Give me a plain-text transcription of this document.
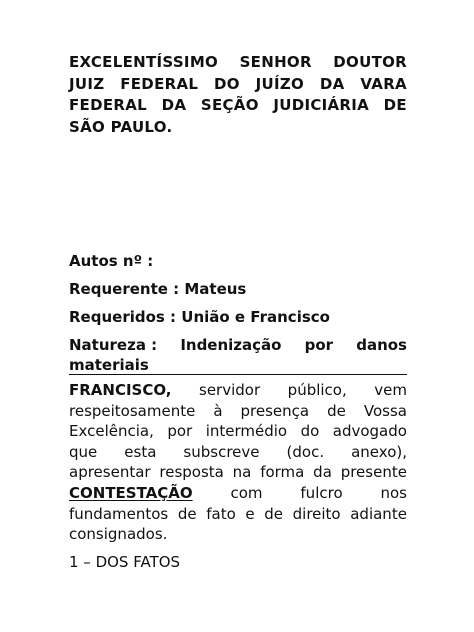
EXCELENTÍSSIMO SENHOR DOUTOR
JUIZ FEDERAL DO JUÍZO DA VARA
FEDERAL DA SEÇÃO JUDICIÁRIA DE
SÃO PAULO.
Autos nº :
Requerente : Mateus
Requeridos : União e Francisco
Natureza : Indenização por danos
materiais
FRANCISCO, servidor público, vem
respeitosamente à presença de Vossa
Excelência, por intermédio do advogado
que esta subscreve (doc. anexo),
apresentar resposta na forma da presente
CONTESTAÇÃO	com	fulcro	nos
fundamentos de fato e de direito adiante
consignados.
1 – DOS FATOS
